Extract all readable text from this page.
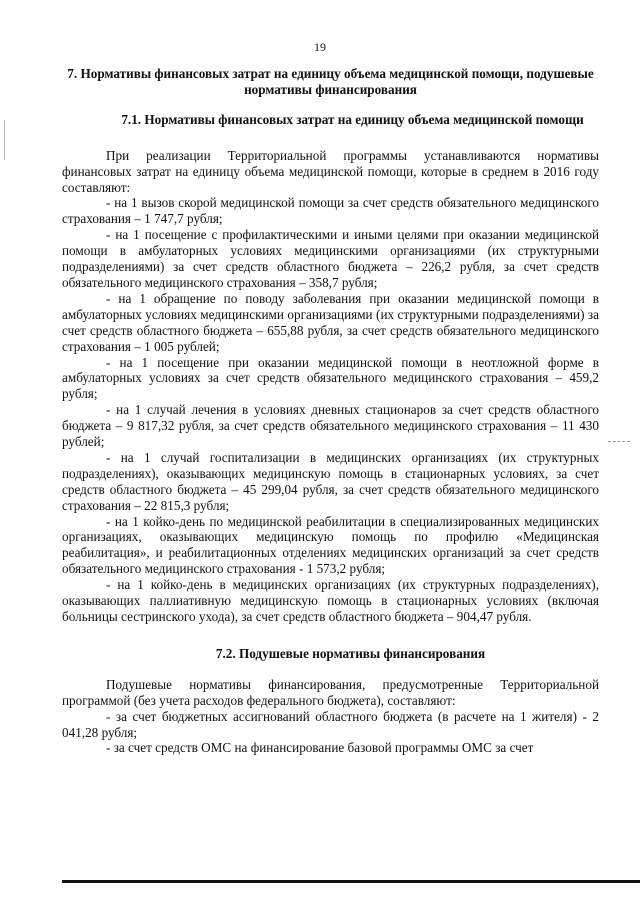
19

7. Нормативы финансовых затрат на единицу объема медицинской помощи, подушевые нормативы финансирования

7.1. Нормативы финансовых затрат на единицу объема медицинской помощи

При реализации Территориальной программы устанавливаются нормативы финансовых затрат на единицу объема медицинской помощи, которые в среднем в 2016 году составляют:

- на 1 вызов скорой медицинской помощи за счет средств обязательного медицинского страхования – 1 747,7 рубля;

- на 1 посещение с профилактическими и иными целями при оказании медицинской помощи в амбулаторных условиях медицинскими организациями (их структурными подразделениями) за счет средств областного бюджета – 226,2 рубля, за счет средств обязательного медицинского страхования – 358,7 рубля;

- на 1 обращение по поводу заболевания при оказании медицинской помощи в амбулаторных условиях медицинскими организациями (их структурными подразделениями) за счет средств областного бюджета – 655,88 рубля, за счет средств обязательного медицинского страхования – 1 005 рублей;

- на 1 посещение при оказании медицинской помощи в неотложной форме в амбулаторных условиях за счет средств обязательного медицинского страхования – 459,2 рубля;

- на 1 случай лечения в условиях дневных стационаров за счет средств областного бюджета – 9 817,32 рубля, за счет средств обязательного медицинского страхования – 11 430 рублей;

- на 1 случай госпитализации в медицинских организациях (их структурных подразделениях), оказывающих медицинскую помощь в стационарных условиях, за счет средств областного бюджета – 45 299,04 рубля, за счет средств обязательного медицинского страхования – 22 815,3 рубля;

- на 1 койко-день по медицинской реабилитации в специализированных медицинских организациях, оказывающих медицинскую помощь по профилю «Медицинская реабилитация», и реабилитационных отделениях медицинских организаций за счет средств обязательного медицинского страхования - 1 573,2 рубля;

- на 1 койко-день в медицинских организациях (их структурных подразделениях), оказывающих паллиативную медицинскую помощь в стационарных условиях (включая больницы сестринского ухода), за счет средств областного бюджета – 904,47 рубля.

7.2. Подушевые нормативы финансирования

Подушевые нормативы финансирования, предусмотренные Территориальной программой (без учета расходов федерального бюджета), составляют:

- за счет бюджетных ассигнований областного бюджета (в расчете на 1 жителя) - 2 041,28 рубля;

- за счет средств ОМС на финансирование базовой программы ОМС за счет
